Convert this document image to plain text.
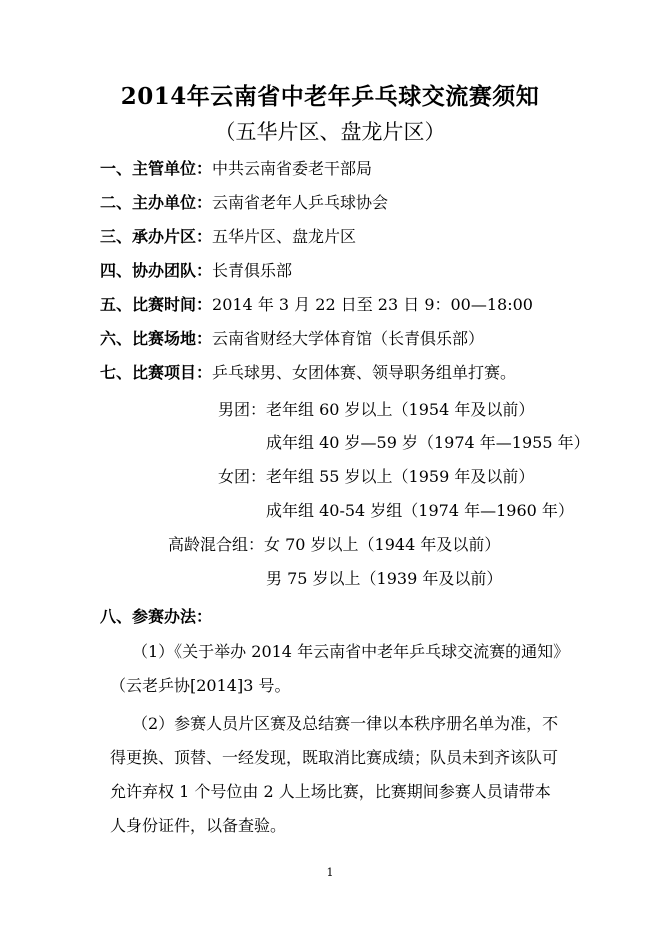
2014年云南省中老年乒乓球交流赛须知
（五华片区、盘龙片区）
一、主管单位：中共云南省委老干部局
二、主办单位：云南省老年人乒乓球协会
三、承办片区：五华片区、盘龙片区
四、协办团队：长青俱乐部
五、比赛时间：2014 年 3 月 22 日至 23 日 9：00—18:00
六、比赛场地：云南省财经大学体育馆（长青俱乐部）
七、比赛项目：乒乓球男、女团体赛、领导职务组单打赛。
男团：老年组 60 岁以上（1954 年及以前）
成年组 40 岁—59 岁（1974 年—1955 年）
女团：老年组 55 岁以上（1959 年及以前）
成年组 40-54 岁组（1974 年—1960 年）
高龄混合组：女 70 岁以上（1944 年及以前）
男 75 岁以上（1939 年及以前）
八、参赛办法：
（1）《关于举办 2014 年云南省中老年乒乓球交流赛的通知》（云老乒协[2014]3 号。
（2）参赛人员片区赛及总结赛一律以本秩序册名单为准，不得更换、顶替、一经发现，既取消比赛成绩；队员未到齐该队可允许弃权 1 个号位由 2 人上场比赛，比赛期间参赛人员请带本人身份证件，以备查验。
1
